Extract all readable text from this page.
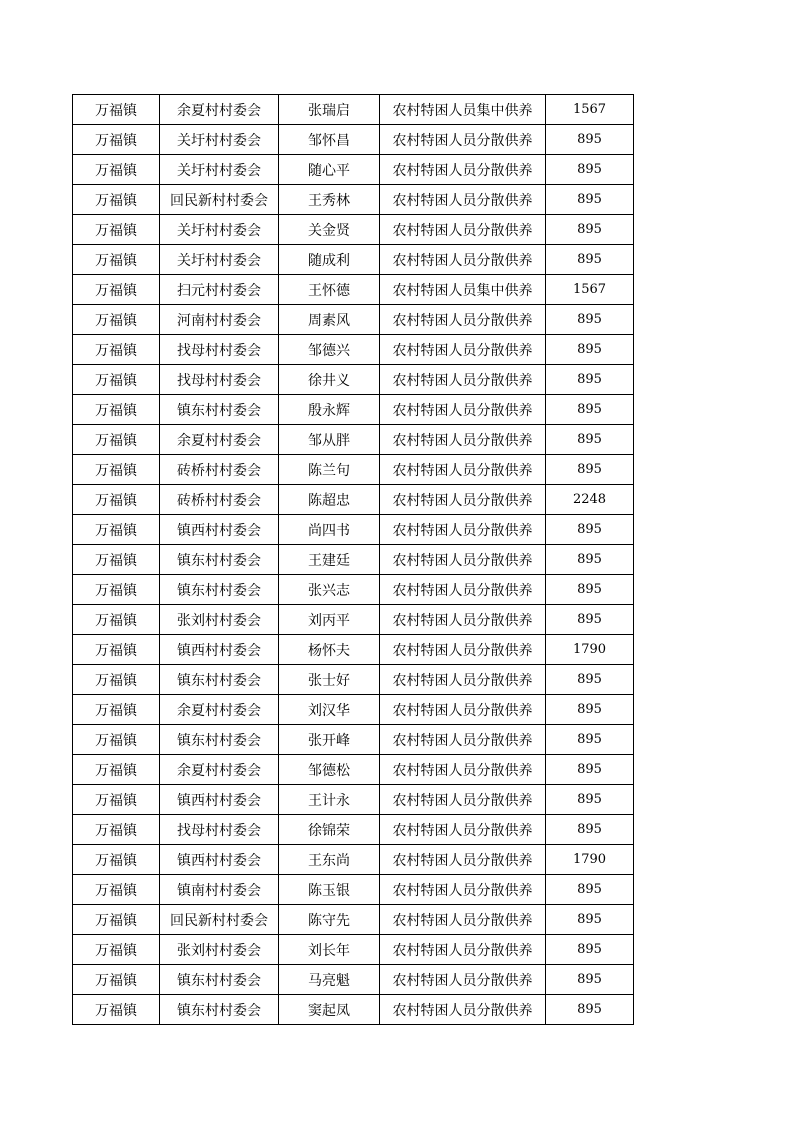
万福镇	余夏村村委会	张瑞启	农村特困人员集中供养	1567
万福镇	关圩村村委会	邹怀昌	农村特困人员分散供养	895
万福镇	关圩村村委会	随心平	农村特困人员分散供养	895
万福镇	回民新村村委会	王秀林	农村特困人员分散供养	895
万福镇	关圩村村委会	关金贤	农村特困人员分散供养	895
万福镇	关圩村村委会	随成利	农村特困人员分散供养	895
万福镇	扫元村村委会	王怀德	农村特困人员集中供养	1567
万福镇	河南村村委会	周素风	农村特困人员分散供养	895
万福镇	找母村村委会	邹德兴	农村特困人员分散供养	895
万福镇	找母村村委会	徐井义	农村特困人员分散供养	895
万福镇	镇东村村委会	殷永辉	农村特困人员分散供养	895
万福镇	余夏村村委会	邹从胖	农村特困人员分散供养	895
万福镇	砖桥村村委会	陈兰句	农村特困人员分散供养	895
万福镇	砖桥村村委会	陈超忠	农村特困人员分散供养	2248
万福镇	镇西村村委会	尚四书	农村特困人员分散供养	895
万福镇	镇东村村委会	王建廷	农村特困人员分散供养	895
万福镇	镇东村村委会	张兴志	农村特困人员分散供养	895
万福镇	张刘村村委会	刘丙平	农村特困人员分散供养	895
万福镇	镇西村村委会	杨怀夫	农村特困人员分散供养	1790
万福镇	镇东村村委会	张士好	农村特困人员分散供养	895
万福镇	余夏村村委会	刘汉华	农村特困人员分散供养	895
万福镇	镇东村村委会	张开峰	农村特困人员分散供养	895
万福镇	余夏村村委会	邹德松	农村特困人员分散供养	895
万福镇	镇西村村委会	王计永	农村特困人员分散供养	895
万福镇	找母村村委会	徐锦荣	农村特困人员分散供养	895
万福镇	镇西村村委会	王东尚	农村特困人员分散供养	1790
万福镇	镇南村村委会	陈玉银	农村特困人员分散供养	895
万福镇	回民新村村委会	陈守先	农村特困人员分散供养	895
万福镇	张刘村村委会	刘长年	农村特困人员分散供养	895
万福镇	镇东村村委会	马亮魁	农村特困人员分散供养	895
万福镇	镇东村村委会	窦起凤	农村特困人员分散供养	895
